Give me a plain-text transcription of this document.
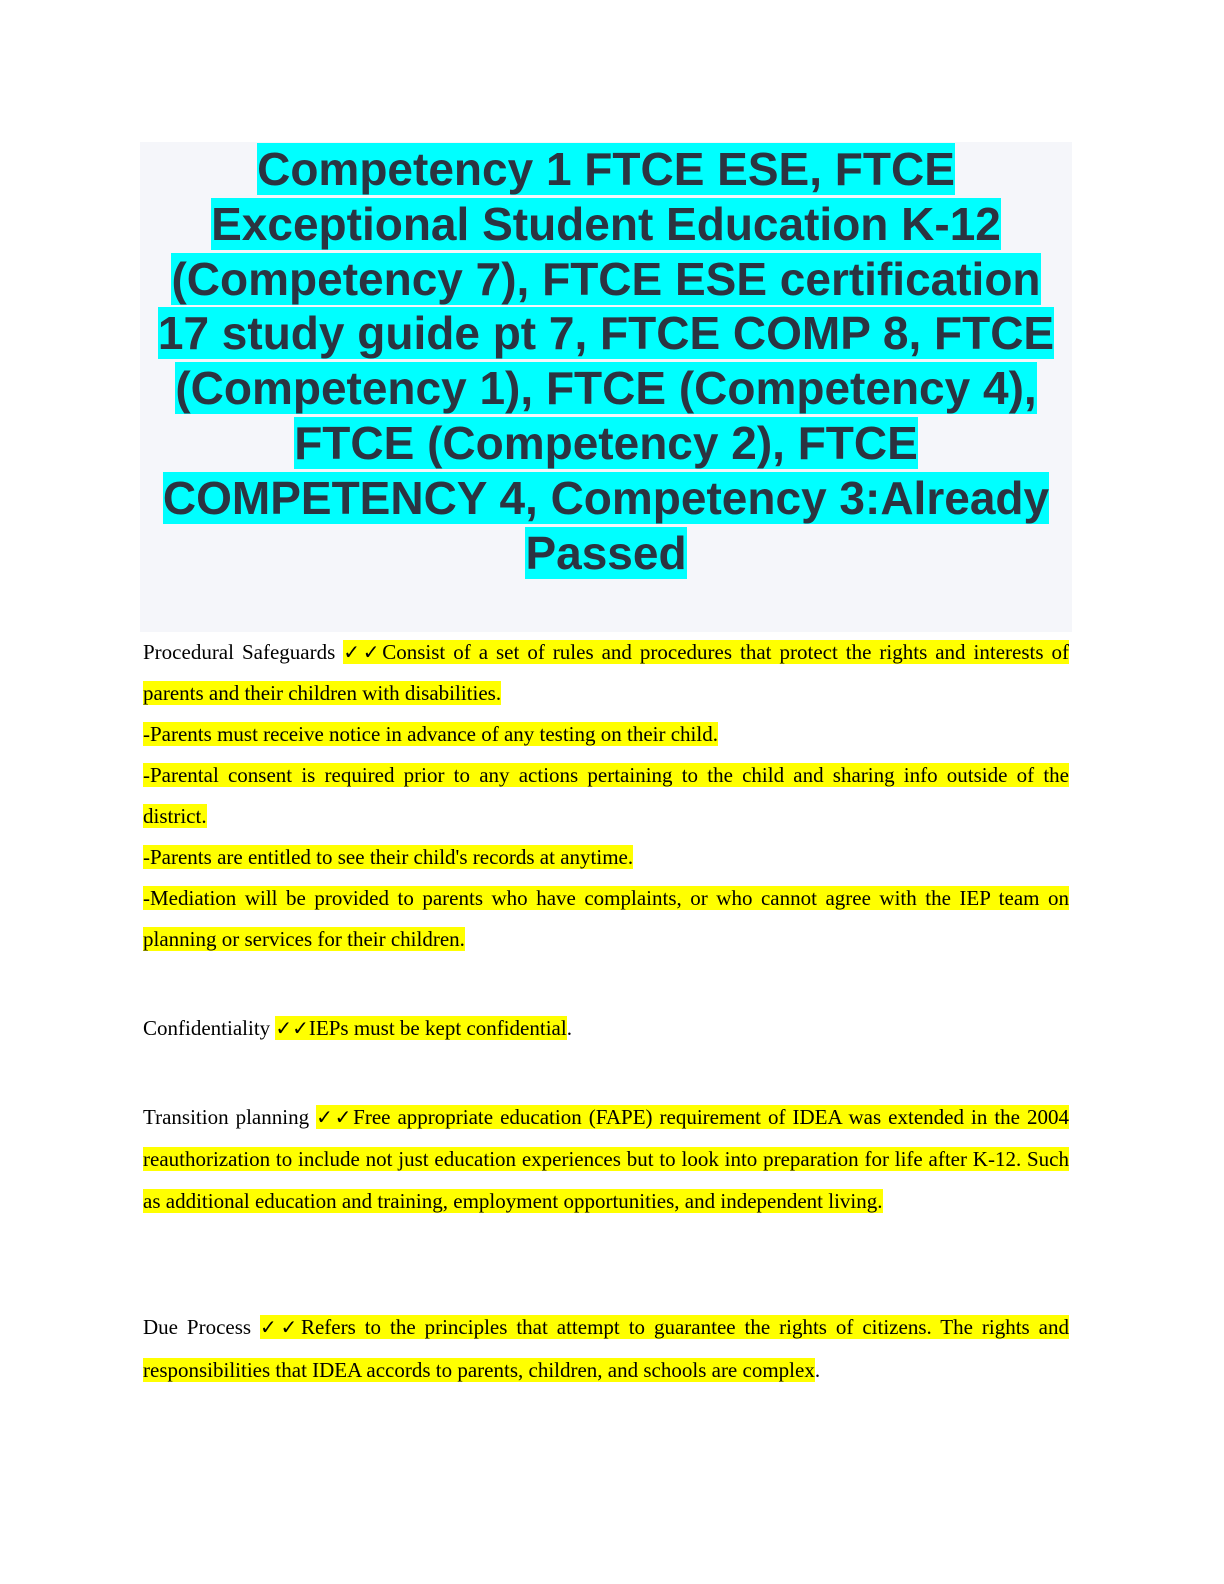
Competency 1 FTCE ESE, FTCE Exceptional Student Education K-12 (Competency 7), FTCE ESE certification 17 study guide pt 7, FTCE COMP 8, FTCE (Competency 1), FTCE (Competency 4), FTCE (Competency 2), FTCE COMPETENCY 4, Competency 3:Already Passed

Procedural Safeguards ✓✓Consist of a set of rules and procedures that protect the rights and interests of parents and their children with disabilities.

-Parents must receive notice in advance of any testing on their child.

-Parental consent is required prior to any actions pertaining to the child and sharing info outside of the district.

-Parents are entitled to see their child's records at anytime.

-Mediation will be provided to parents who have complaints, or who cannot agree with the IEP team on planning or services for their children.

Confidentiality ✓✓IEPs must be kept confidential.

Transition planning ✓✓Free appropriate education (FAPE) requirement of IDEA was extended in the 2004 reauthorization to include not just education experiences but to look into preparation for life after K-12. Such as additional education and training, employment opportunities, and independent living.

Due Process ✓✓Refers to the principles that attempt to guarantee the rights of citizens. The rights and responsibilities that IDEA accords to parents, children, and schools are complex.
